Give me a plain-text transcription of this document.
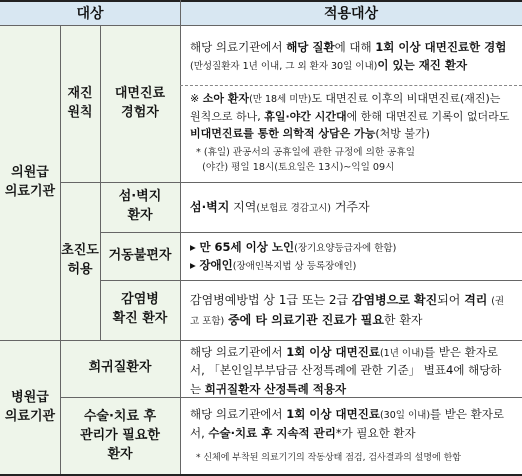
대상	적용대상
의원급
의료기관
병원급
의료기관
재진
원칙
대면진료
경험자
해당 의료기관에서 해당 질환에 대해 1회 이상 대면진료한 경험(만성질환자 1년 이내, 그 외 환자 30일 이내)이 있는 재진 환자
※ 소아 환자(만 18세 미만)도 대면진료 이후의 비대면진료(재진)는 원칙으로 하나, 휴일·야간 시간대에 한해 대면진료 기록이 없더라도 비대면진료를 통한 의학적 상담은 가능(처방 불가)
* (휴일) 관공서의 공휴일에 관한 규정에 의한 공휴일
(야간) 평일 18시(토요일은 13시)~익일 09시
초진도
허용
섬·벽지
환자
섬·벽지 지역(보험료 경감고시) 거주자
거동불편자
▸ 만 65세 이상 노인(장기요양등급자에 한함)
▸ 장애인(장애인복지법 상 등록장애인)
감염병
확진 환자
감염병예방법 상 1급 또는 2급 감염병으로 확진되어 격리 (권고 포함) 중에 타 의료기관 진료가 필요한 환자
희귀질환자
해당 의료기관에서 1회 이상 대면진료(1년 이내)를 받은 환자로서, 「본인일부부담금 산정특례에 관한 기준」 별표4에 해당하는 희귀질환자 산정특례 적용자
수술·치료 후
관리가 필요한
환자
해당 의료기관에서 1회 이상 대면진료(30일 이내)를 받은 환자로서, 수술·치료 후 지속적 관리*가 필요한 환자
* 신체에 부착된 의료기기의 작동상태 점검, 검사결과의 설명에 한함
